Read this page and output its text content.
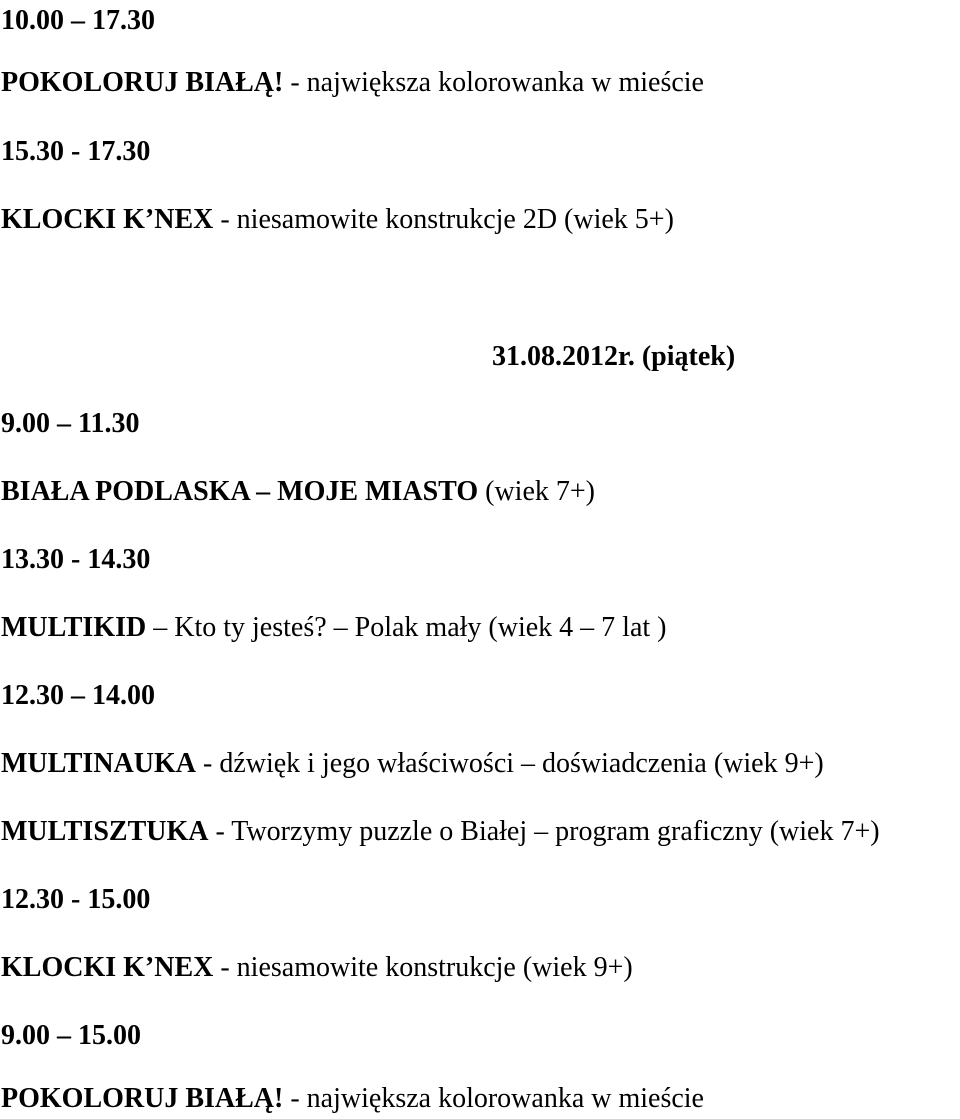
10.00 – 17.30
POKOLORUJ BIAŁĄ! - największa kolorowanka w mieście
15.30 - 17.30
KLOCKI K’NEX - niesamowite konstrukcje 2D (wiek 5+)
31.08.2012r. (piątek)
9.00 – 11.30
BIAŁA PODLASKA – MOJE MIASTO (wiek 7+)
13.30 - 14.30
MULTIKID – Kto ty jesteś? – Polak mały (wiek 4 – 7 lat )
12.30 – 14.00
MULTINAUKA - dźwięk i jego właściwości – doświadczenia (wiek 9+)
MULTISZTUKA - Tworzymy puzzle o Białej – program graficzny (wiek 7+)
12.30 - 15.00
KLOCKI K’NEX - niesamowite konstrukcje (wiek 9+)
9.00 – 15.00
POKOLORUJ BIAŁĄ! - największa kolorowanka w mieście
